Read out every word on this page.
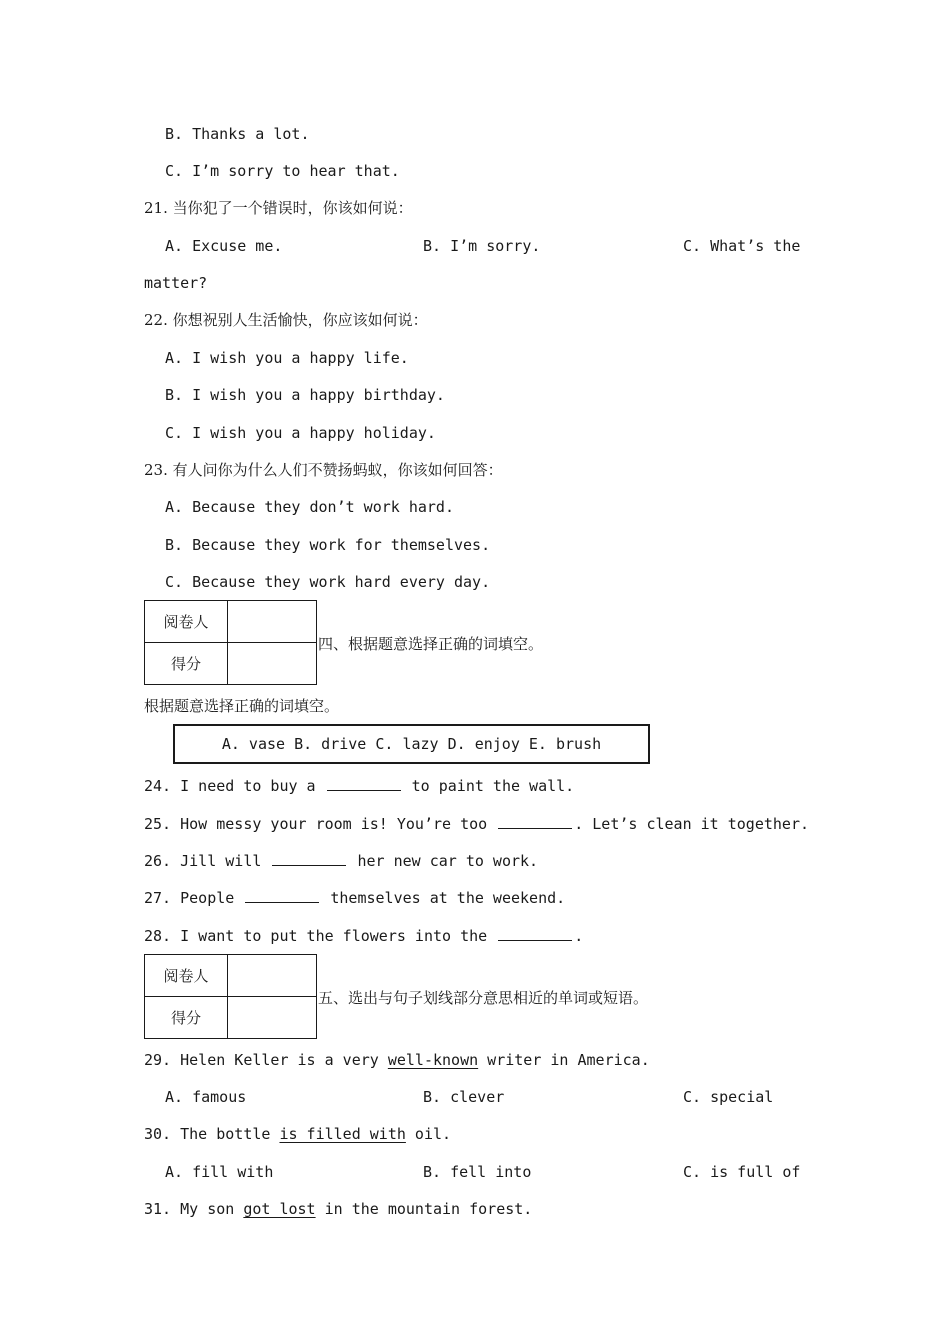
B. Thanks a lot.
C. I’m sorry to hear that.
21. 当你犯了一个错误时，你该如何说：
A. Excuse me.	B. I’m sorry.	C. What’s the
matter?
22. 你想祝别人生活愉快，你应该如何说：
A. I wish you a happy life.
B. I wish you a happy birthday.
C. I wish you a happy holiday.
23. 有人问你为什么人们不赞扬蚂蚁，你该如何回答：
A. Because they don’t work hard.
B. Because they work for themselves.
C. Because they work hard every day.
阅卷人	
得分	
四、根据题意选择正确的词填空。
根据题意选择正确的词填空。
A. vase B. drive C. lazy D. enjoy E. brush
24. I need to buy a	to paint the wall.
25. How messy your room is! You’re too	. Let’s clean it together.
26. Jill will	her new car to work.
27. People	themselves at the weekend.
28. I want to put the flowers into the	.
阅卷人	
得分	
五、选出与句子划线部分意思相近的单词或短语。
29. Helen Keller is a very well-known writer in America.
A. famous	B. clever	C. special
30. The bottle is filled with oil.
A. fill with	B. fell into	C. is full of
31. My son got lost in the mountain forest.
